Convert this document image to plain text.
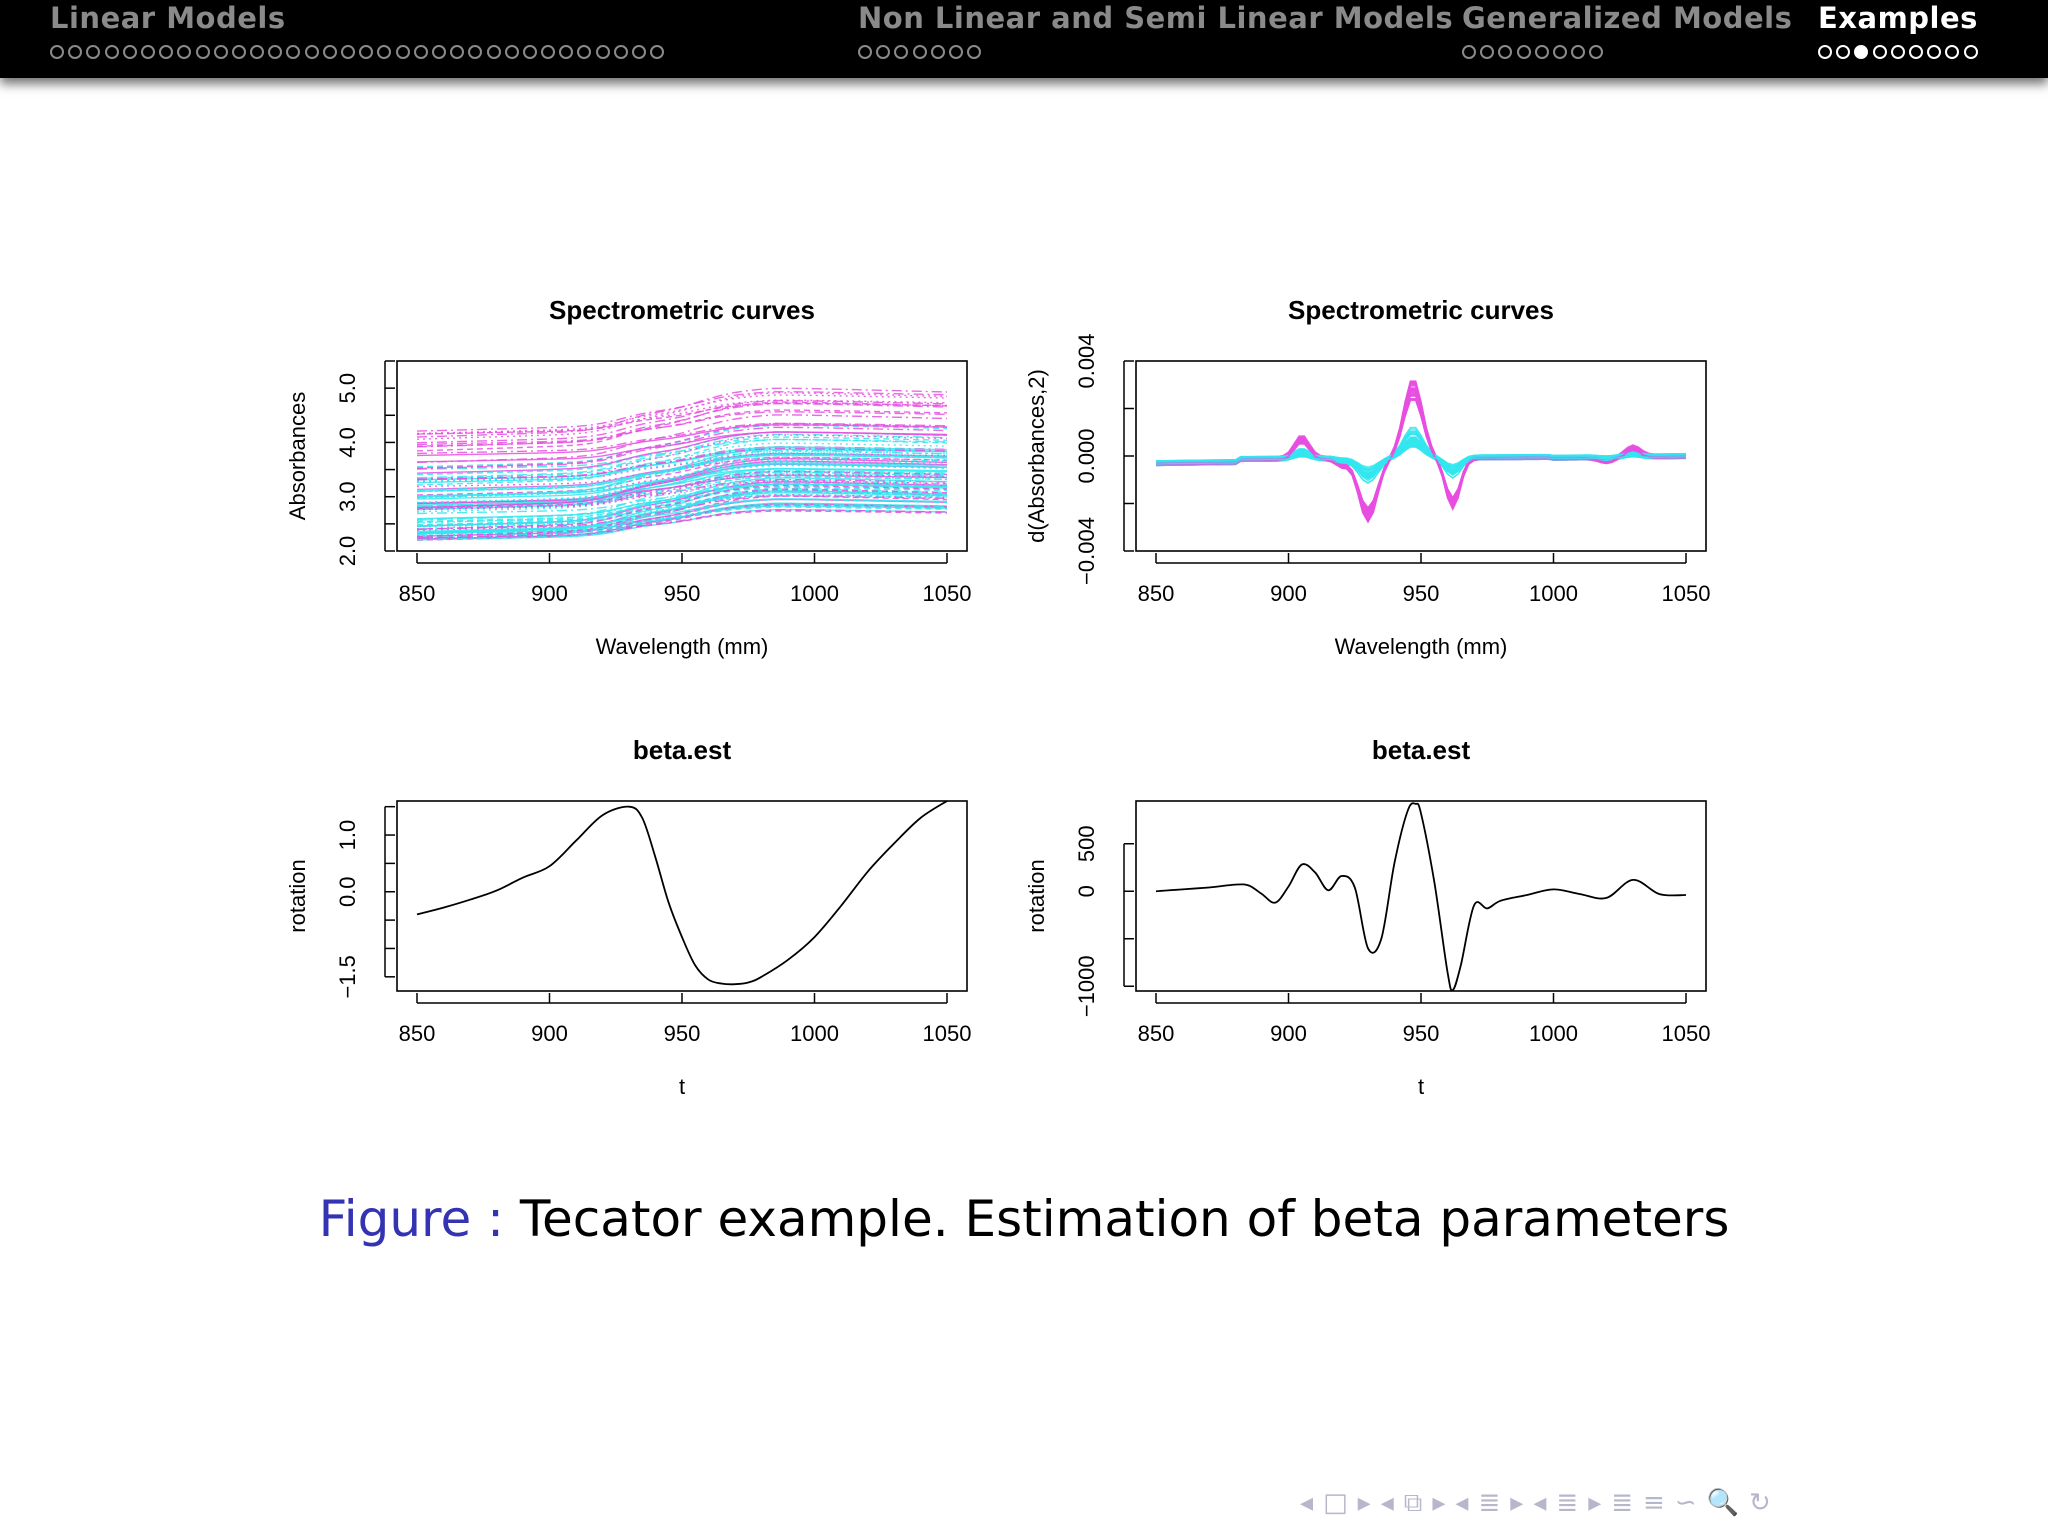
Linear Models	Non Linear and Semi Linear Models Generalized Models Examples
Spectrometric curves
850	900	950	1000	1050
Wavelength (mm)
2.0
3.0
4.0
5.0
Absorbances
Spectrometric curves
850	900	950	1000	1050
Wavelength (mm)
−0.004
0.000
0.004
d(Absorbances,2)
beta.est
850	900	950	1000	1050
t
−1.5
0.0
1.0
rotation
beta.est
850	900	950	1000	1050
t
−1000
0
500
rotation
Figure : Tecator example. Estimation of beta parameters
◂ □ ▸ ◂ ⧉ ▸ ◂ ≣ ▸ ◂ ≣ ▸ ≣ ≡ ∽ 🔍 ↻
